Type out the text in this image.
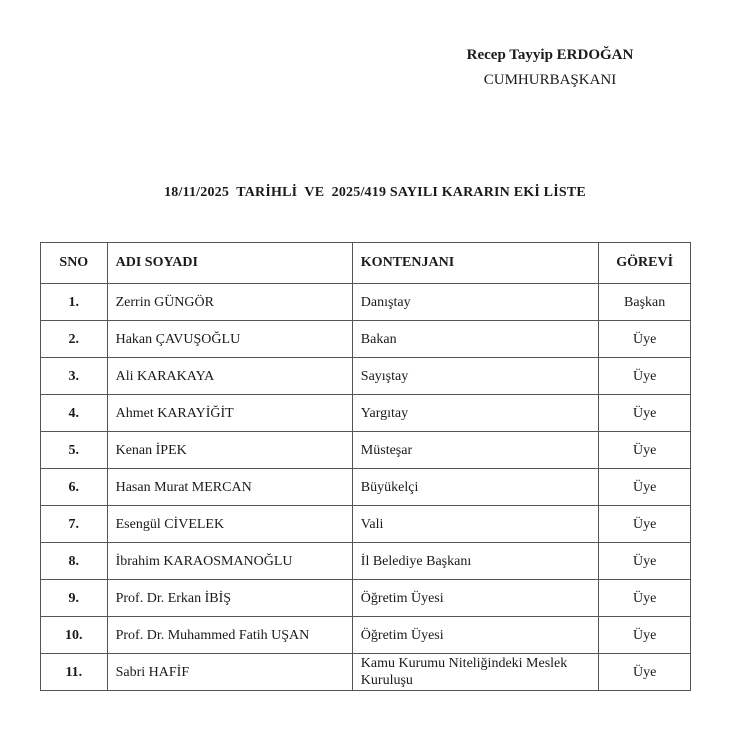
Recep Tayyip ERDOĞAN
CUMHURBAŞKANI
18/11/2025  TARİHLİ  VE  2025/419 SAYILI KARARIN EKİ LİSTE
SNO	ADI SOYADI	KONTENJANI	GÖREVİ
1.	Zerrin GÜNGÖR	Danıştay	Başkan
2.	Hakan ÇAVUŞOĞLU	Bakan	Üye
3.	Ali KARAKAYA	Sayıştay	Üye
4.	Ahmet KARAYİĞİT	Yargıtay	Üye
5.	Kenan İPEK	Müsteşar	Üye
6.	Hasan Murat MERCAN	Büyükelçi	Üye
7.	Esengül CİVELEK	Vali	Üye
8.	İbrahim KARAOSMANOĞLU	İl Belediye Başkanı	Üye
9.	Prof. Dr. Erkan İBİŞ	Öğretim Üyesi	Üye
10.	Prof. Dr. Muhammed Fatih UŞAN	Öğretim Üyesi	Üye
11.	Sabri HAFİF	Kamu Kurumu Niteliğindeki Meslek Kuruluşu	Üye
